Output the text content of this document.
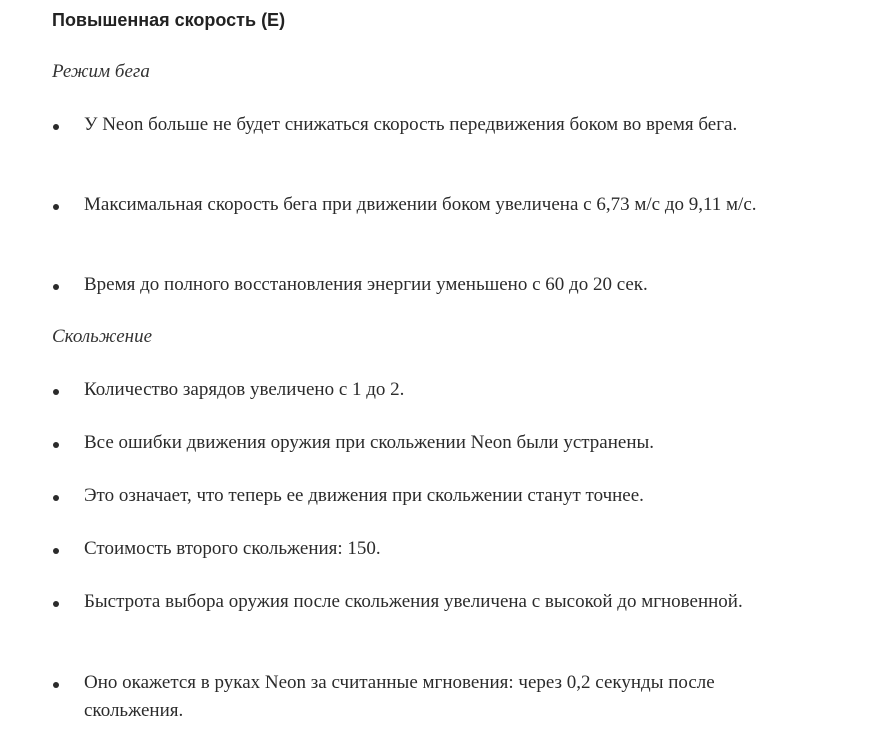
Повышенная скорость (E)

Режим бега

У Neon больше не будет снижаться скорость передвижения боком во время бега.
Максимальная скорость бега при движении боком увеличена с 6,73 м/с до 9,11 м/с.
Время до полного восстановления энергии уменьшено с 60 до 20 сек.

Скольжение

Количество зарядов увеличено с 1 до 2.
Все ошибки движения оружия при скольжении Neon были устранены.
Это означает, что теперь ее движения при скольжении станут точнее.
Стоимость второго скольжения: 150.
Быстрота выбора оружия после скольжения увеличена с высокой до мгновенной.
Оно окажется в руках Neon за считанные мгновения: через 0,2 секунды после скольжения.
